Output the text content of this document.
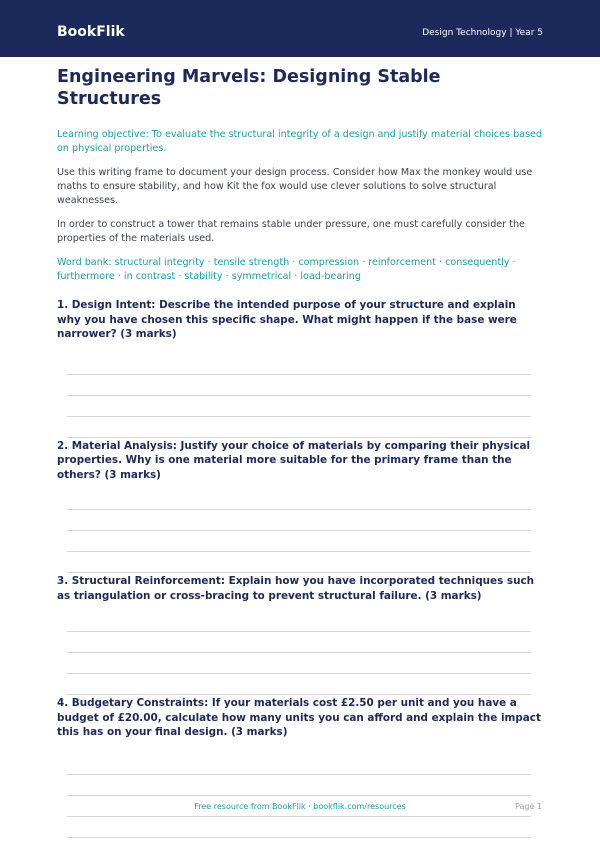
BookFlik	Design Technology | Year 5
Engineering Marvels: Designing Stable Structures

Learning objective: To evaluate the structural integrity of a design and justify material choices based on physical properties.

Use this writing frame to document your design process. Consider how Max the monkey would use maths to ensure stability, and how Kit the fox would use clever solutions to solve structural weaknesses.

In order to construct a tower that remains stable under pressure, one must carefully consider the properties of the materials used.

Word bank: structural integrity · tensile strength · compression · reinforcement · consequently · furthermore · in contrast · stability · symmetrical · load-bearing

1. Design Intent: Describe the intended purpose of your structure and explain why you have chosen this specific shape. What might happen if the base were narrower? (3 marks)

2. Material Analysis: Justify your choice of materials by comparing their physical properties. Why is one material more suitable for the primary frame than the others? (3 marks)

3. Structural Reinforcement: Explain how you have incorporated techniques such as triangulation or cross-bracing to prevent structural failure. (3 marks)

4. Budgetary Constraints: If your materials cost £2.50 per unit and you have a budget of £20.00, calculate how many units you can afford and explain the impact this has on your final design. (3 marks)

Free resource from BookFlik · bookflik.com/resources	Page 1
